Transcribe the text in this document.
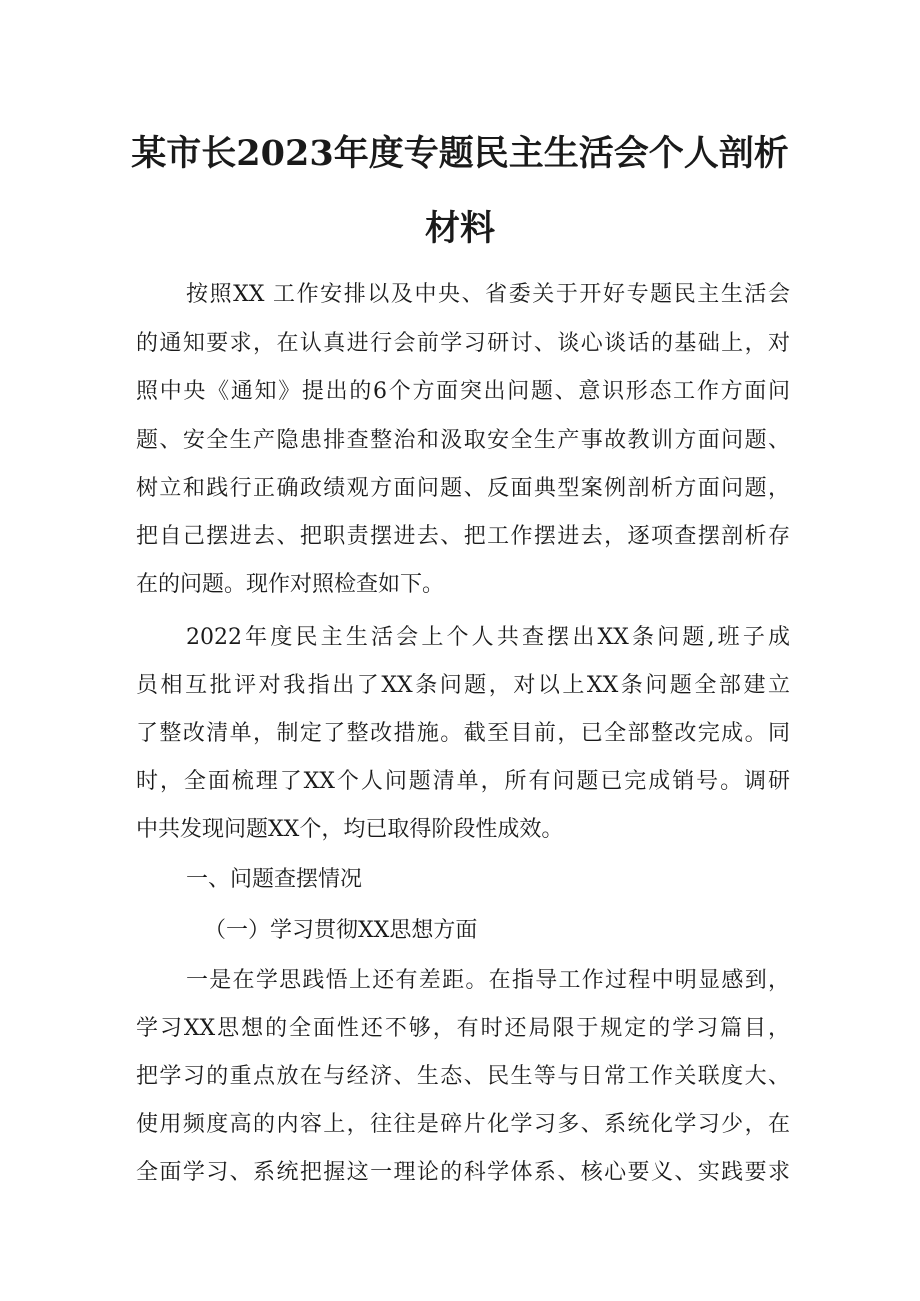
某市长2023年度专题民主生活会个人剖析
材料
按照XX 工作安排以及中央、省委关于开好专题民主生活会
的通知要求，在认真进行会前学习研讨、谈心谈话的基础上，对
照中央《通知》提出的6个方面突出问题、意识形态工作方面问
题、安全生产隐患排查整治和汲取安全生产事故教训方面问题、
树立和践行正确政绩观方面问题、反面典型案例剖析方面问题，
把自己摆进去、把职责摆进去、把工作摆进去，逐项查摆剖析存
在的问题。现作对照检查如下。
2022年度民主生活会上个人共查摆出XX条问题,班子成
员相互批评对我指出了XX条问题，对以上XX条问题全部建立
了整改清单，制定了整改措施。截至目前，已全部整改完成。同
时，全面梳理了XX个人问题清单，所有问题已完成销号。调研
中共发现问题XX个，均已取得阶段性成效。
一、问题查摆情况
（一）学习贯彻XX思想方面
一是在学思践悟上还有差距。在指导工作过程中明显感到，
学习XX思想的全面性还不够，有时还局限于规定的学习篇目，
把学习的重点放在与经济、生态、民生等与日常工作关联度大、
使用频度高的内容上，往往是碎片化学习多、系统化学习少，在
全面学习、系统把握这一理论的科学体系、核心要义、实践要求
